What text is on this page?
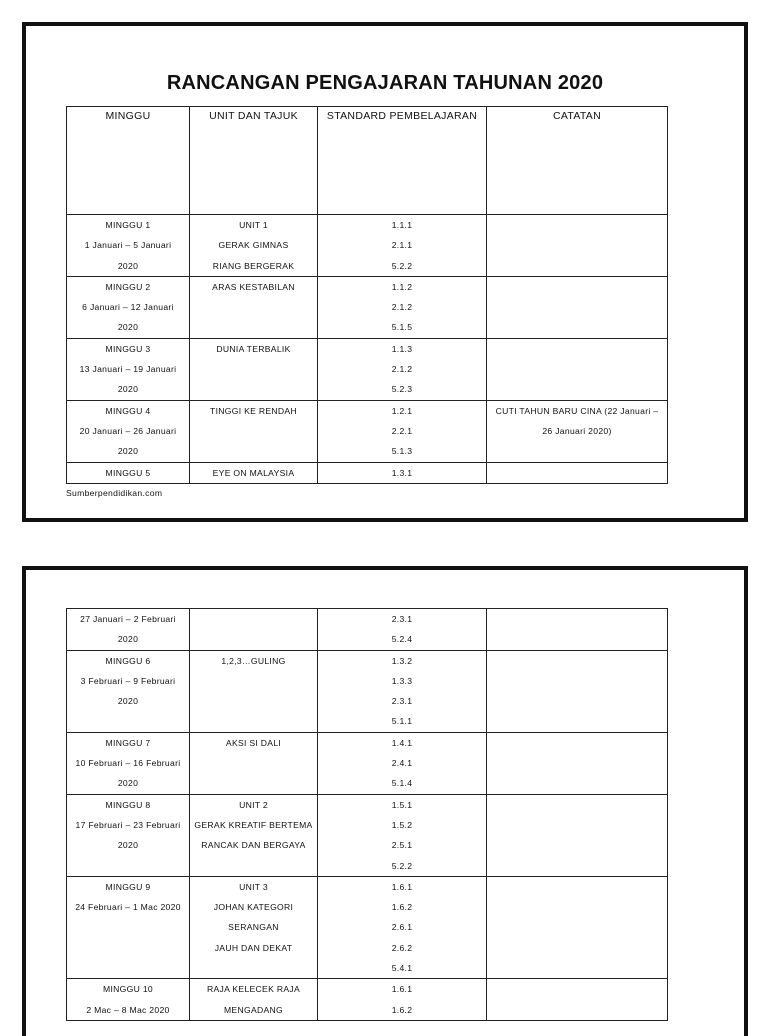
RANCANGAN PENGAJARAN TAHUNAN 2020
MINGGU	UNIT DAN TAJUK	STANDARD PEMBELAJARAN	CATATAN

MINGGU 1
1 Januari – 5 Januari
2020	UNIT 1
GERAK GIMNAS
RIANG BERGERAK	1.1.1
2.1.1
5.2.2	

MINGGU 2
6 Januari – 12 Januari
2020	ARAS KESTABILAN	1.1.2
2.1.2
5.1.5	

MINGGU 3
13 Januari – 19 Januari
2020	DUNIA TERBALIK	1.1.3
2.1.2
5.2.3	

MINGGU 4
20 Januari – 26 Januari
2020	TINGGI KE RENDAH	1.2.1
2.2.1
5.1.3	CUTI TAHUN BARU CINA (22 Januari –
26 Januari 2020)

MINGGU 5	EYE ON MALAYSIA	1.3.1	

Sumberpendidikan.com
27 Januari – 2 Februari
2020		2.3.1
5.2.4	

MINGGU 6
3 Februari – 9 Februari
2020	1,2,3…GULING	1.3.2
1.3.3
2.3.1
5.1.1	

MINGGU 7
10 Februari – 16 Februari
2020	AKSI SI DALI	1.4.1
2.4.1
5.1.4	

MINGGU 8
17 Februari – 23 Februari
2020	UNIT 2
GERAK KREATIF BERTEMA
RANCAK DAN BERGAYA	1.5.1
1.5.2
2.5.1
5.2.2	

MINGGU 9
24 Februari – 1 Mac 2020	UNIT 3
JOHAN KATEGORI
SERANGAN
JAUH DAN DEKAT	1.6.1
1.6.2
2.6.1
2.6.2
5.4.1	

MINGGU 10
2 Mac – 8 Mac 2020	RAJA KELECEK RAJA
MENGADANG	1.6.1
1.6.2	
